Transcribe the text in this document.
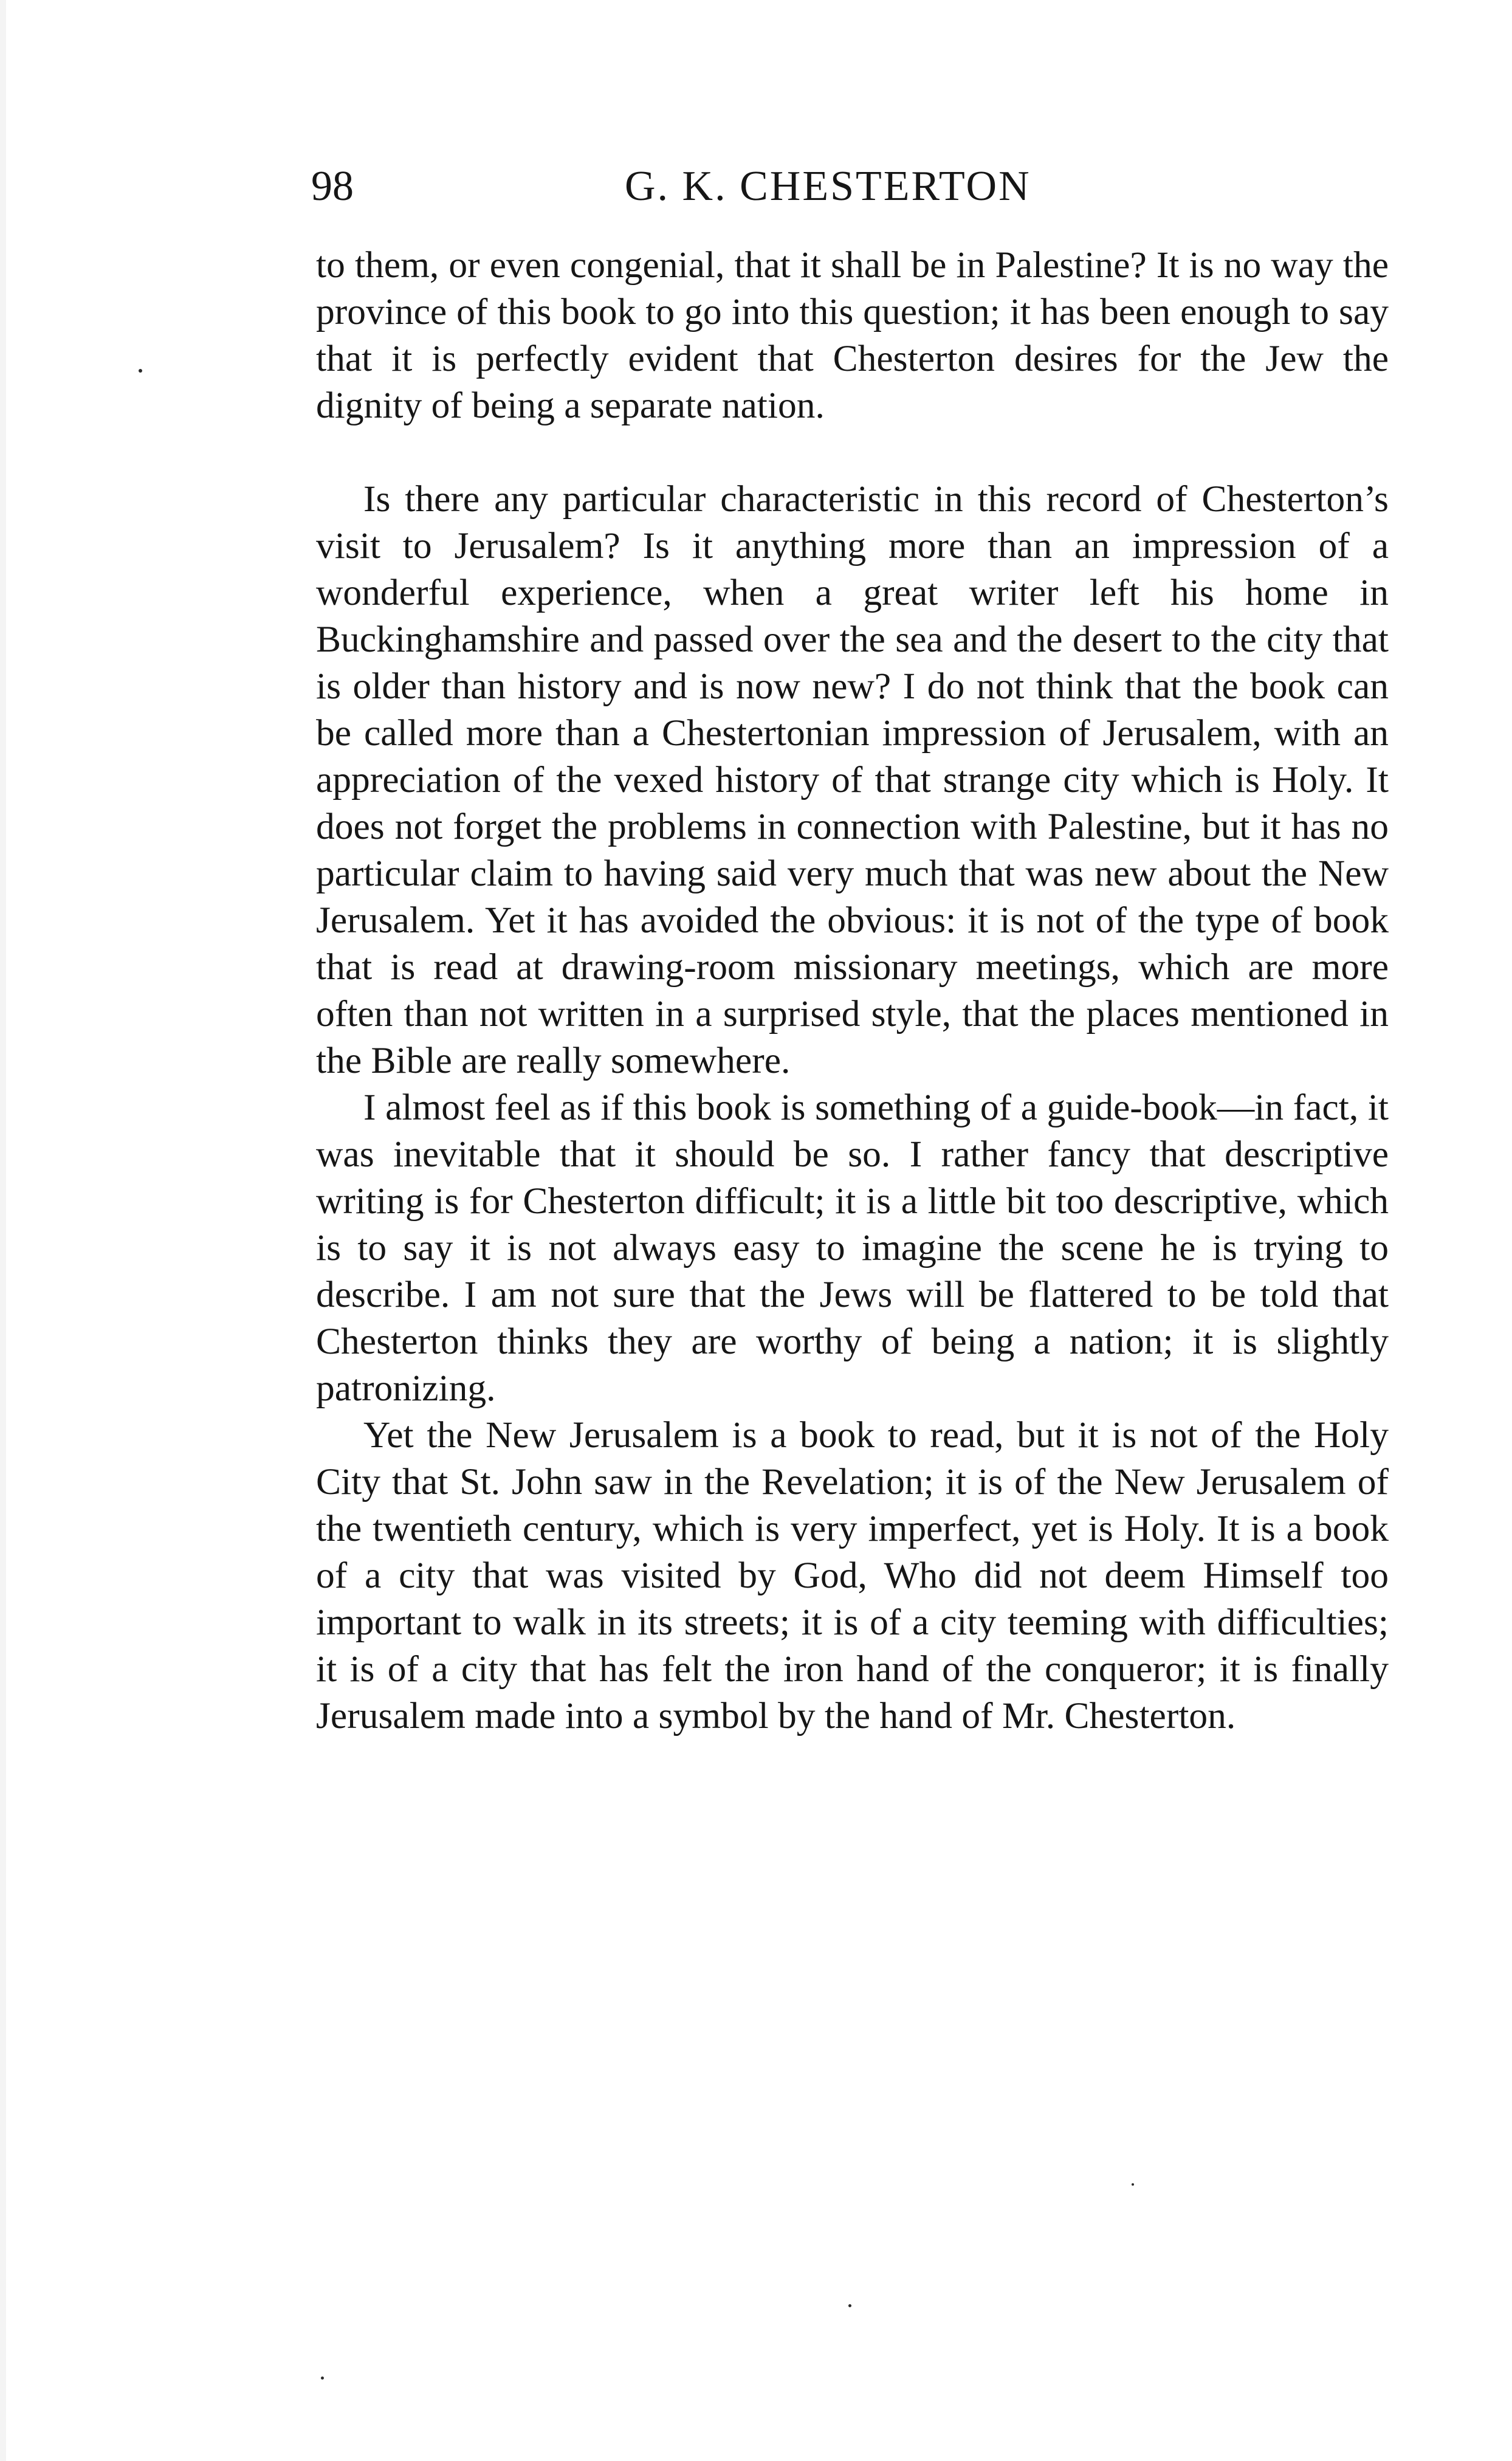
98	G. K. CHESTERTON

to them, or even congenial, that it shall be in Palestine? It is no way the province of this book to go into this question; it has been enough to say that it is perfectly evident that Chesterton desires for the Jew the dignity of being a separate nation.

Is there any particular characteristic in this record of Chesterton’s visit to Jerusalem? Is it anything more than an impression of a wonderful experience, when a great writer left his home in Buckinghamshire and passed over the sea and the desert to the city that is older than history and is now new? I do not think that the book can be called more than a Chestertonian impression of Jerusalem, with an appreciation of the vexed history of that strange city which is Holy. It does not forget the problems in connection with Palestine, but it has no particular claim to having said very much that was new about the New Jerusalem. Yet it has avoided the obvious: it is not of the type of book that is read at drawing-room missionary meetings, which are more often than not written in a surprised style, that the places mentioned in the Bible are really somewhere.

I almost feel as if this book is something of a guide-book—in fact, it was inevitable that it should be so. I rather fancy that descriptive writing is for Chesterton difficult; it is a little bit too descriptive, which is to say it is not always easy to imagine the scene he is trying to describe. I am not sure that the Jews will be flattered to be told that Chesterton thinks they are worthy of being a nation; it is slightly patronizing.

Yet the New Jerusalem is a book to read, but it is not of the Holy City that St. John saw in the Revelation; it is of the New Jerusalem of the twentieth century, which is very imperfect, yet is Holy. It is a book of a city that was visited by God, Who did not deem Himself too important to walk in its streets; it is of a city teeming with difficulties; it is of a city that has felt the iron hand of the conqueror; it is finally Jerusalem made into a symbol by the hand of Mr. Chesterton.
